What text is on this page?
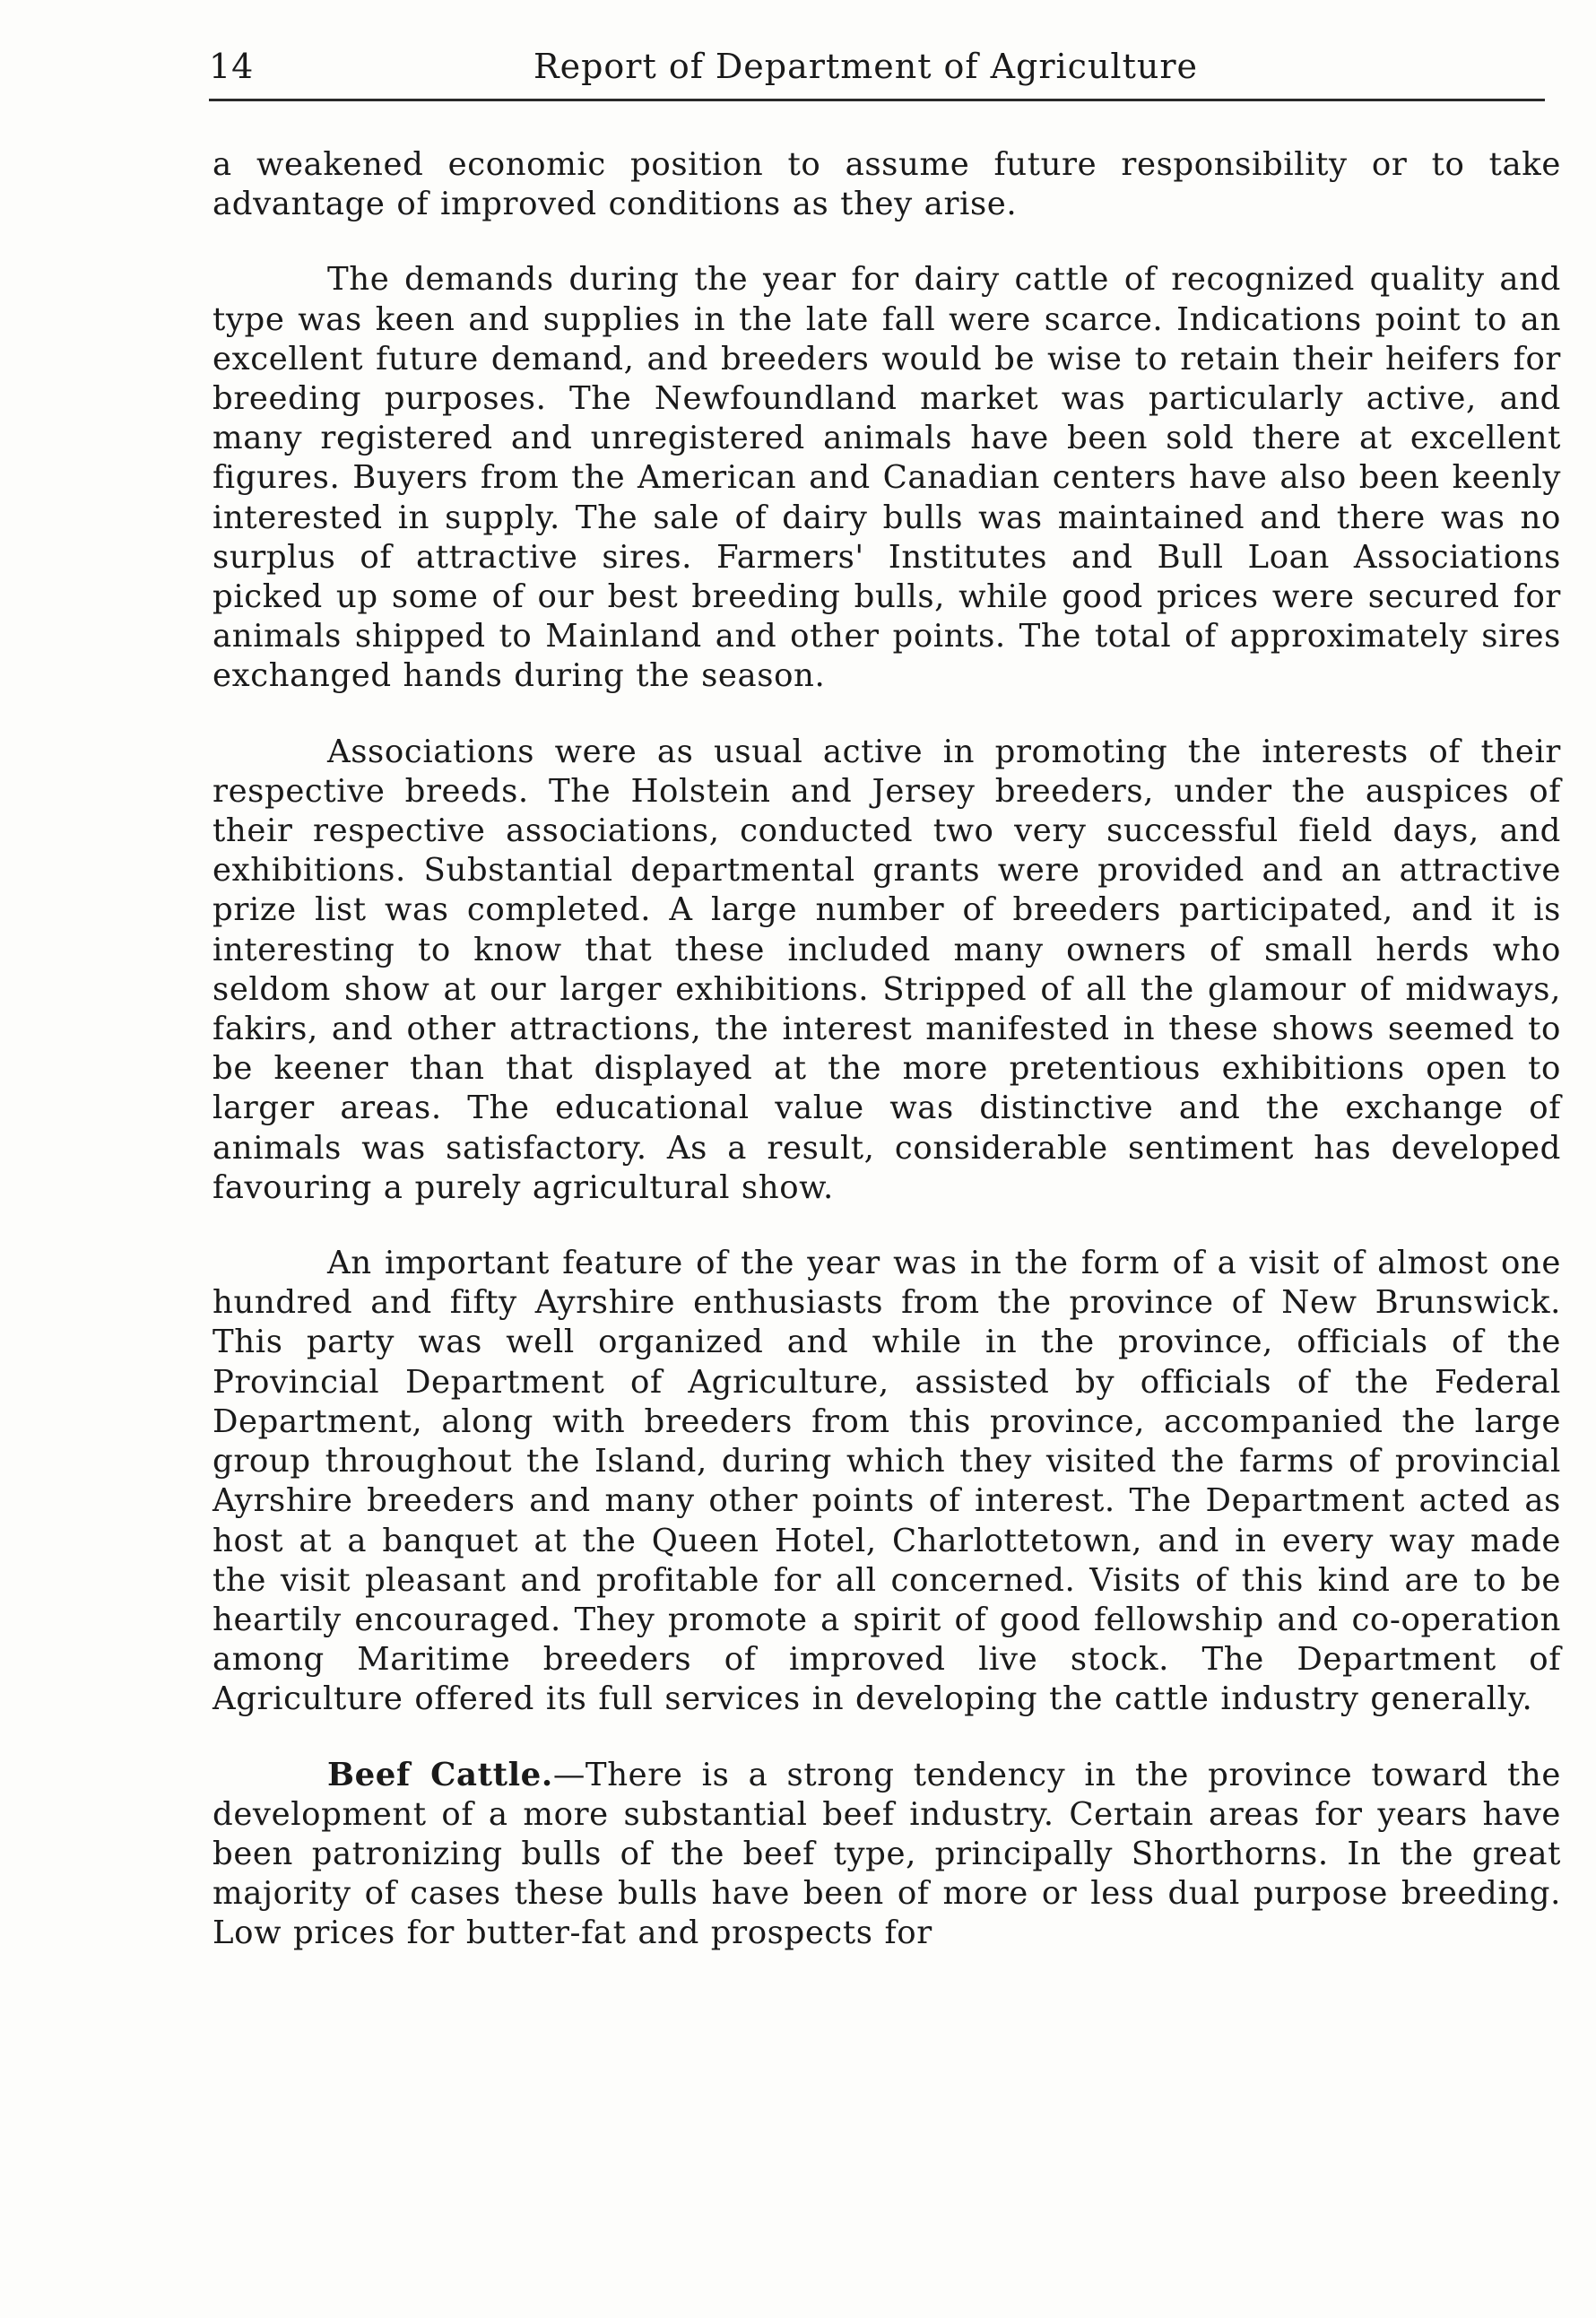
14	Report of Department of Agriculture

a weakened economic position to assume future responsibility or to take advantage of improved conditions as they arise.

The demands during the year for dairy cattle of recognized quality and type was keen and supplies in the late fall were scarce. Indications point to an excellent future demand, and breeders would be wise to retain their heifers for breeding purposes. The Newfoundland market was particularly active, and many registered and unregistered animals have been sold there at excellent figures. Buyers from the American and Canadian centers have also been keenly interested in supply. The sale of dairy bulls was maintained and there was no surplus of attractive sires. Farmers' Institutes and Bull Loan Associations picked up some of our best breeding bulls, while good prices were secured for animals shipped to Mainland and other points. The total of approximately sires exchanged hands during the season.

Associations were as usual active in promoting the interests of their respective breeds. The Holstein and Jersey breeders, under the auspices of their respective associations, conducted two very successful field days, and exhibitions. Substantial departmental grants were provided and an attractive prize list was completed. A large number of breeders participated, and it is interesting to know that these included many owners of small herds who seldom show at our larger exhibitions. Stripped of all the glamour of midways, fakirs, and other attractions, the interest manifested in these shows seemed to be keener than that displayed at the more pretentious exhibitions open to larger areas. The educational value was distinctive and the exchange of animals was satisfactory. As a result, considerable sentiment has developed favouring a purely agricultural show.

An important feature of the year was in the form of a visit of almost one hundred and fifty Ayrshire enthusiasts from the province of New Brunswick. This party was well organized and while in the province, officials of the Provincial Department of Agriculture, assisted by officials of the Federal Department, along with breeders from this province, accompanied the large group throughout the Island, during which they visited the farms of provincial Ayrshire breeders and many other points of interest. The Department acted as host at a banquet at the Queen Hotel, Charlottetown, and in every way made the visit pleasant and profitable for all concerned. Visits of this kind are to be heartily encouraged. They promote a spirit of good fellowship and co-operation among Maritime breeders of improved live stock. The Department of Agriculture offered its full services in developing the cattle industry generally.

Beef Cattle.—There is a strong tendency in the province toward the development of a more substantial beef industry. Certain areas for years have been patronizing bulls of the beef type, principally Shorthorns. In the great majority of cases these bulls have been of more or less dual purpose breeding. Low prices for butter-fat and prospects for
